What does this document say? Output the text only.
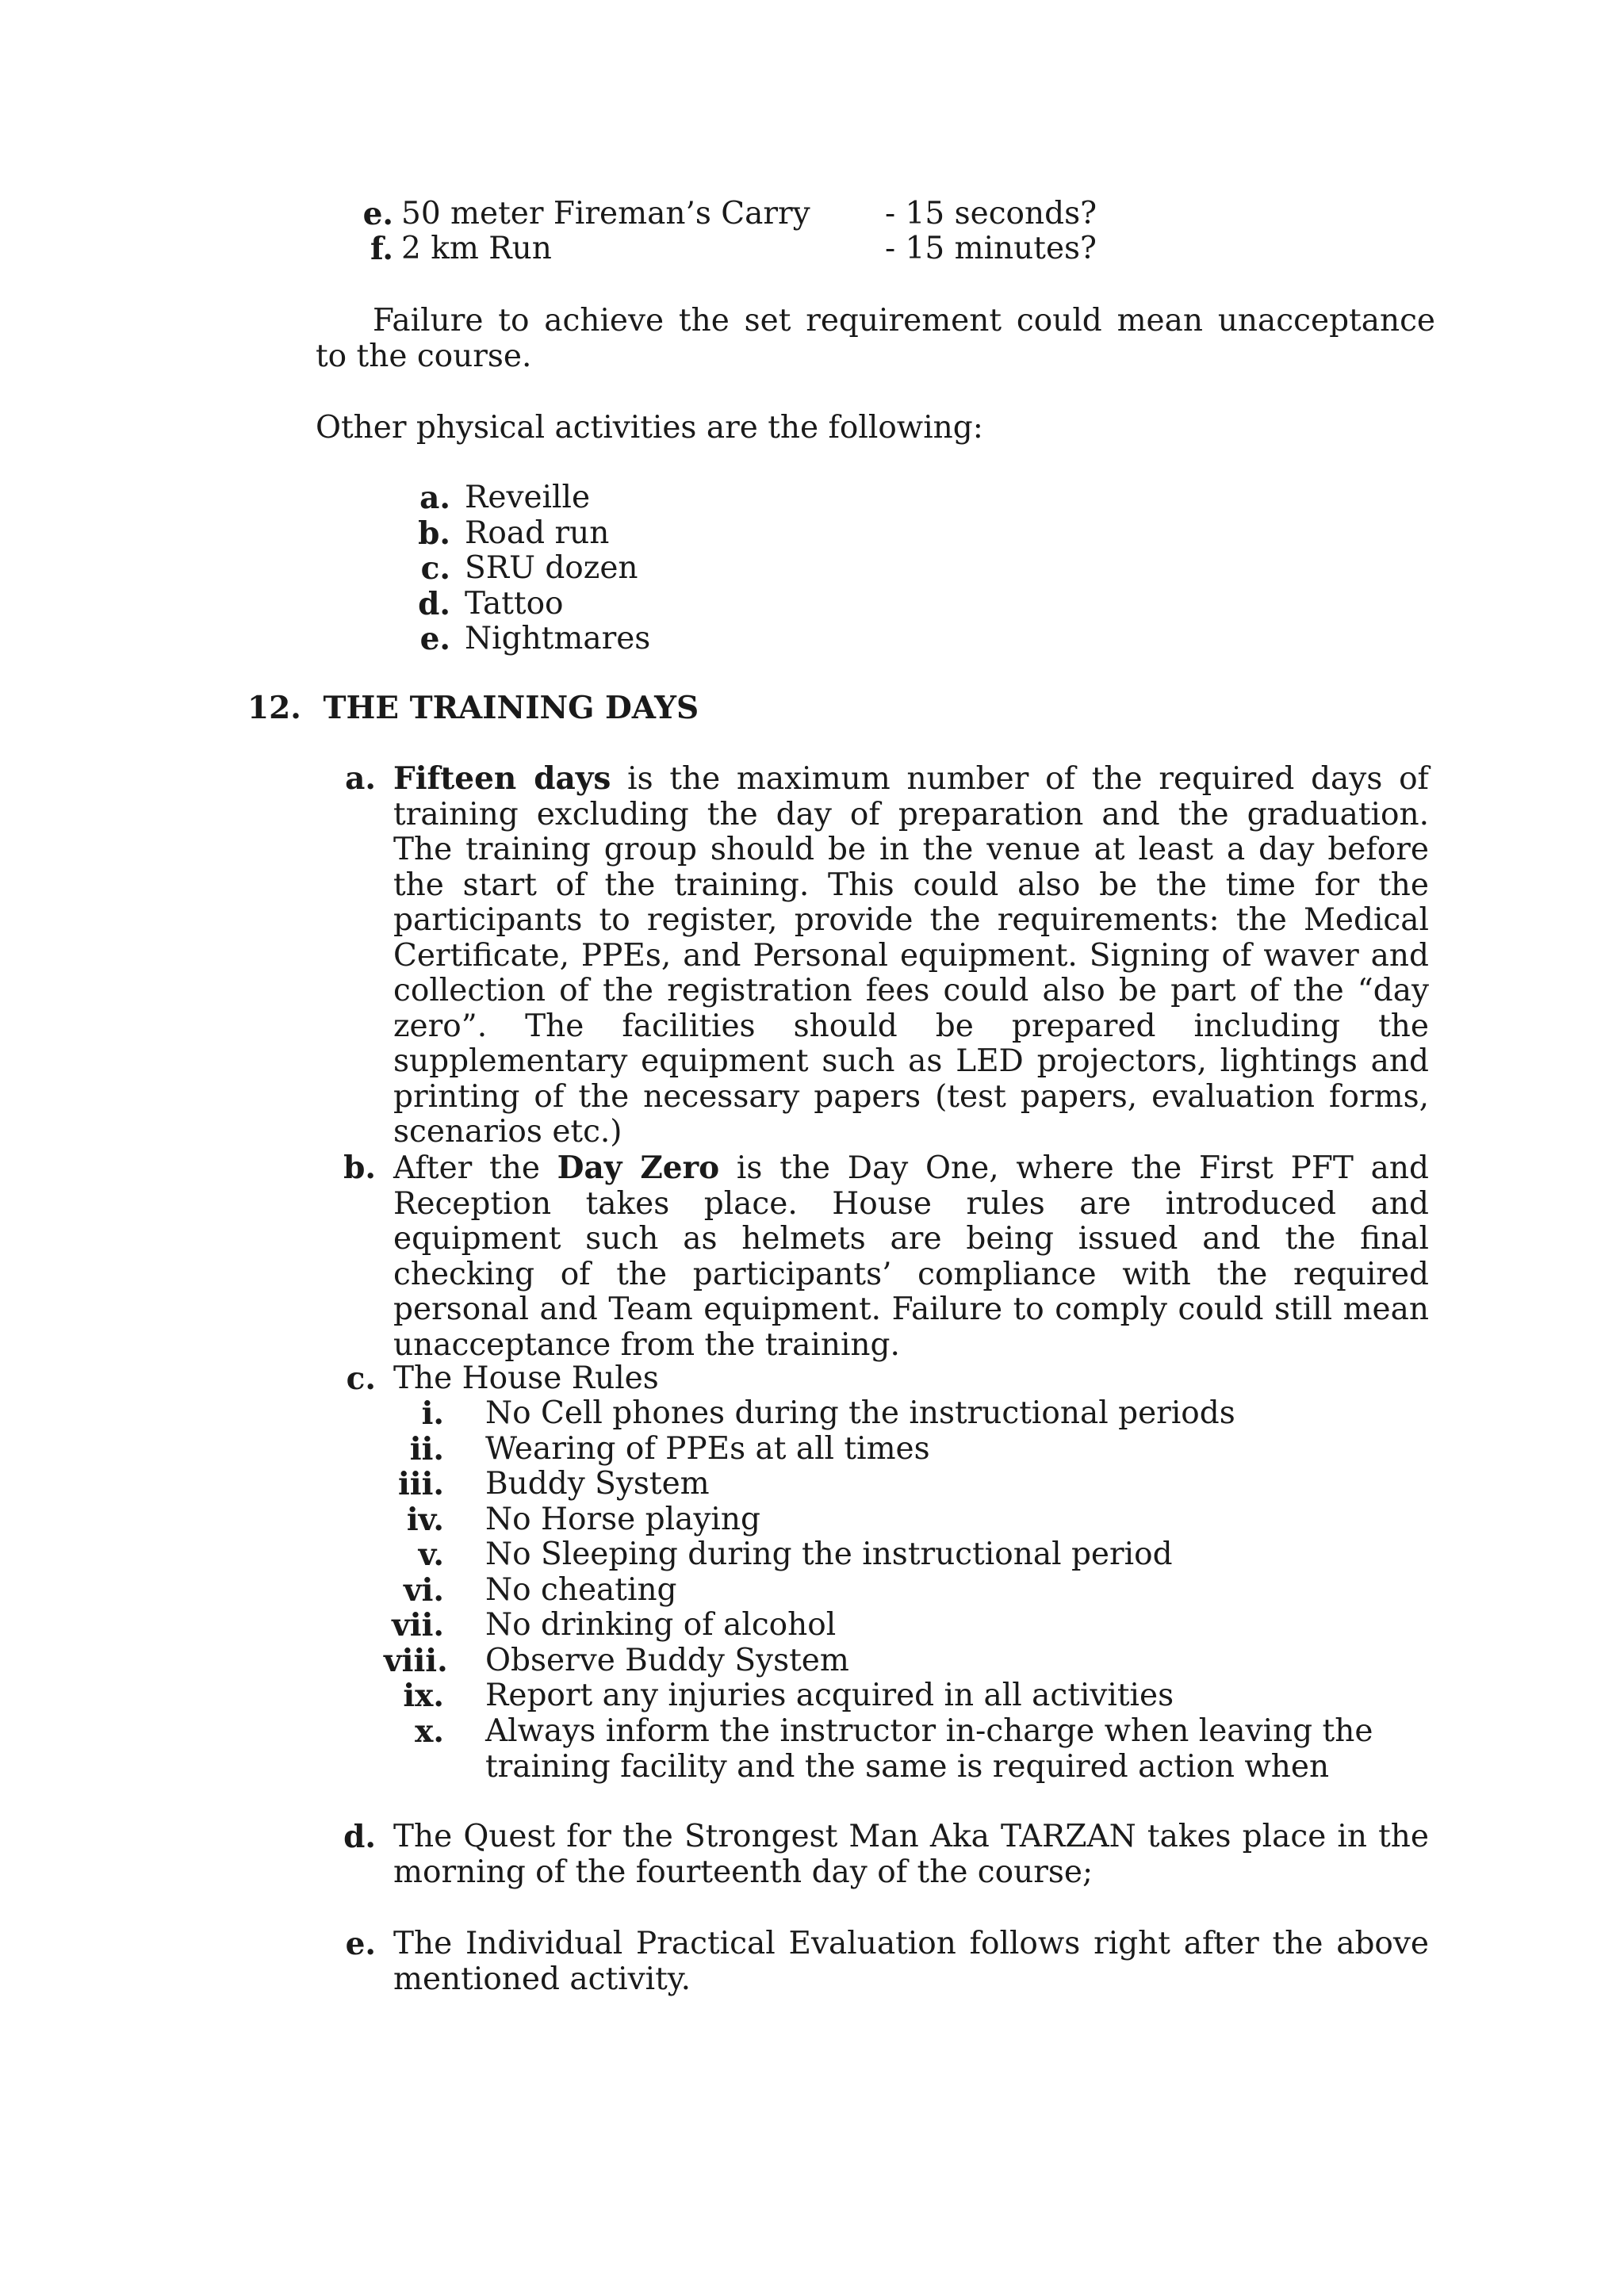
e. 50 meter Fireman’s Carry - 15 seconds?
f. 2 km Run	- 15 minutes?

Failure to achieve the set requirement could mean unacceptance to the course.

Other physical activities are the following:

a. Reveille
b. Road run
c. SRU dozen
d. Tattoo
e. Nightmares
12. THE TRAINING DAYS
a. Fifteen days is the maximum number of the required days of training excluding the day of preparation and the graduation. The training group should be in the venue at least a day before the start of the training. This could also be the time for the participants to register, provide the requirements: the Medical Certificate, PPEs, and Personal equipment. Signing of waver and collection of the registration fees could also be part of the “day zero”. The facilities should be prepared including the supplementary equipment such as LED projectors, lightings and printing of the necessary papers (test papers, evaluation forms, scenarios etc.)

b. After the Day Zero is the Day One, where the First PFT and Reception takes place. House rules are introduced and equipment such as helmets are being issued and the final checking of the participants’ compliance with the required personal and Team equipment. Failure to comply could still mean unacceptance from the training.

c. The House Rules

i. No Cell phones during the instructional periods
ii. Wearing of PPEs at all times
iii. Buddy System
iv. No Horse playing
v. No Sleeping during the instructional period
vi. No cheating
vii. No drinking of alcohol
viii. Observe Buddy System
ix. Report any injuries acquired in all activities
x. Always inform the instructor in-charge when leaving the training facility and the same is required action when
d. The Quest for the Strongest Man Aka TARZAN takes place in the morning of the fourteenth day of the course;

e. The Individual Practical Evaluation follows right after the above mentioned activity.
